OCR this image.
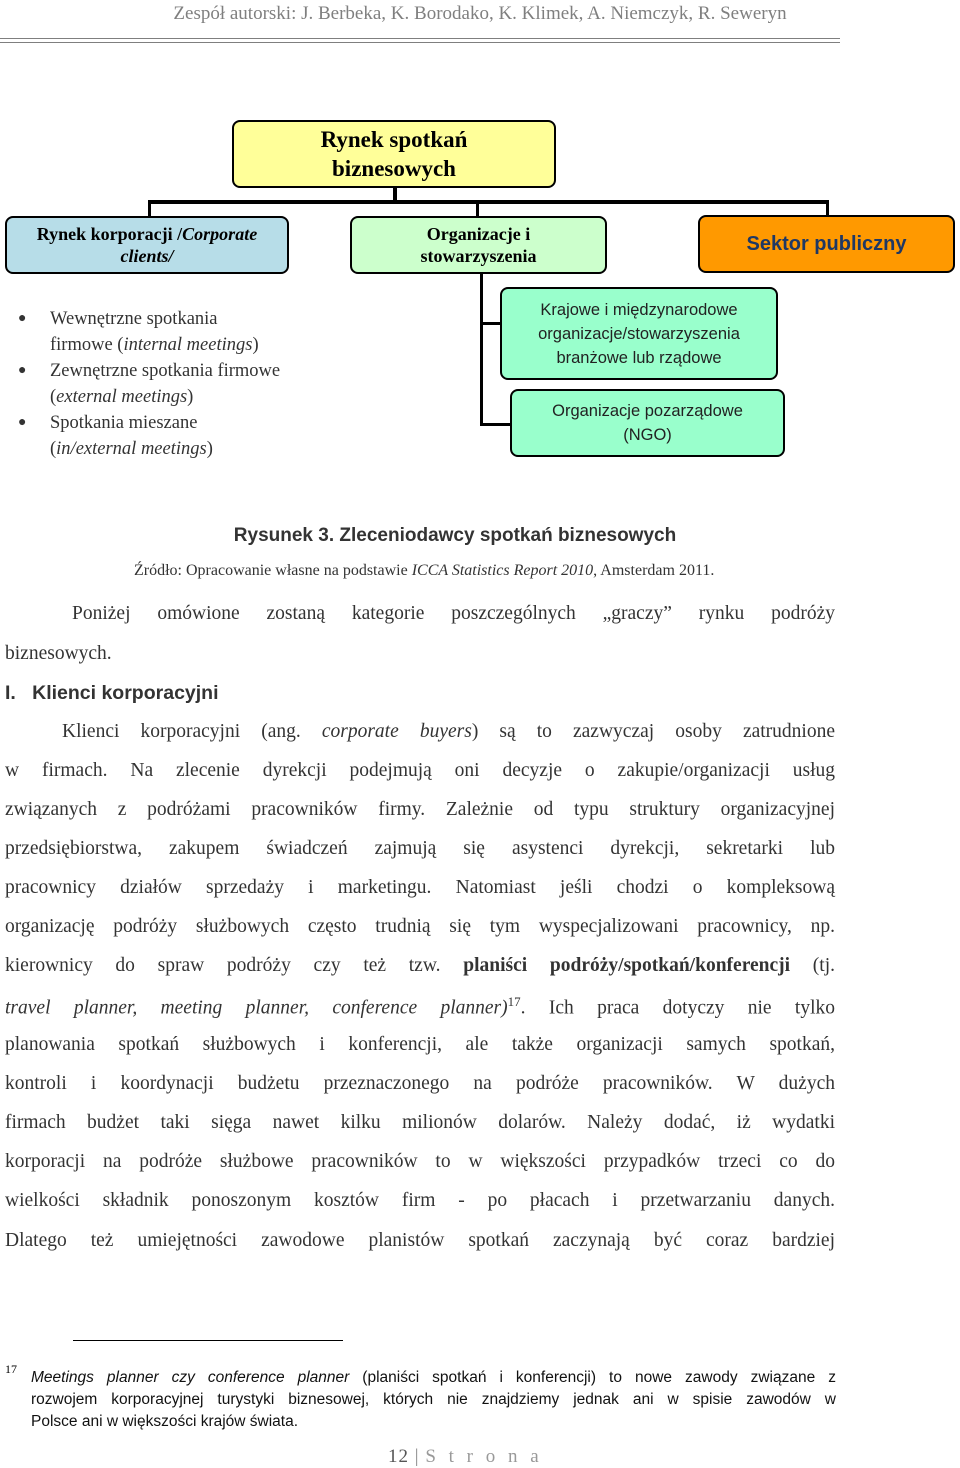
Zespół autorski: J. Berbeka, K. Borodako, K. Klimek, A. Niemczyk, R. Seweryn
Rynek spotkań
biznesowych
Rynek korporacji /Corporate
clients/
Organizacje i
stowarzyszenia
Sektor publiczny
Krajowe i międzynarodowe
organizacje/stowarzyszenia
branżowe lub rządowe
Organizacje pozarządowe
(NGO)
● Wewnętrzne spotkania
firmowe (internal meetings)
● Zewnętrzne spotkania firmowe
(external meetings)
● Spotkania mieszane
(in/external meetings)
Rysunek 3. Zleceniodawcy spotkań biznesowych
Źródło: Opracowanie własne na podstawie ICCA Statistics Report 2010, Amsterdam 2011.
Poniżej omówione zostaną kategorie poszczególnych „graczy” rynku podróży
biznesowych.
I. Klienci korporacyjni
Klienci korporacyjni (ang. corporate buyers) są to zazwyczaj osoby zatrudnione
w firmach. Na zlecenie dyrekcji podejmują oni decyzje o zakupie/organizacji usług
związanych z podróżami pracowników firmy. Zależnie od typu struktury organizacyjnej
przedsiębiorstwa, zakupem świadczeń zajmują się asystenci dyrekcji, sekretarki lub
pracownicy działów sprzedaży i marketingu. Natomiast jeśli chodzi o kompleksową
organizację podróży służbowych często trudnią się tym wyspecjalizowani pracownicy, np.
kierownicy do spraw podróży czy też tzw. planiści podróży/spotkań/konferencji (tj.
travel planner, meeting planner, conference planner)$^{17}$. Ich praca dotyczy nie tylko
planowania spotkań służbowych i konferencji, ale także organizacji samych spotkań,
kontroli i koordynacji budżetu przeznaczonego na podróże pracowników. W dużych
firmach budżet taki sięga nawet kilku milionów dolarów. Należy dodać, iż wydatki
korporacji na podróże służbowe pracowników to w większości przypadków trzeci co do
wielkości składnik ponoszonym kosztów firm - po płacach i przetwarzaniu danych.
Dlatego też umiejętności zawodowe planistów spotkań zaczynają być coraz bardziej
17 Meetings planner czy conference planner (planiści spotkań i konferencji) to nowe zawody związane z
rozwojem korporacyjnej turystyki biznesowej, których nie znajdziemy jednak ani w spisie zawodów w
Polsce ani w większości krajów świata.
12 | S t r o n a
